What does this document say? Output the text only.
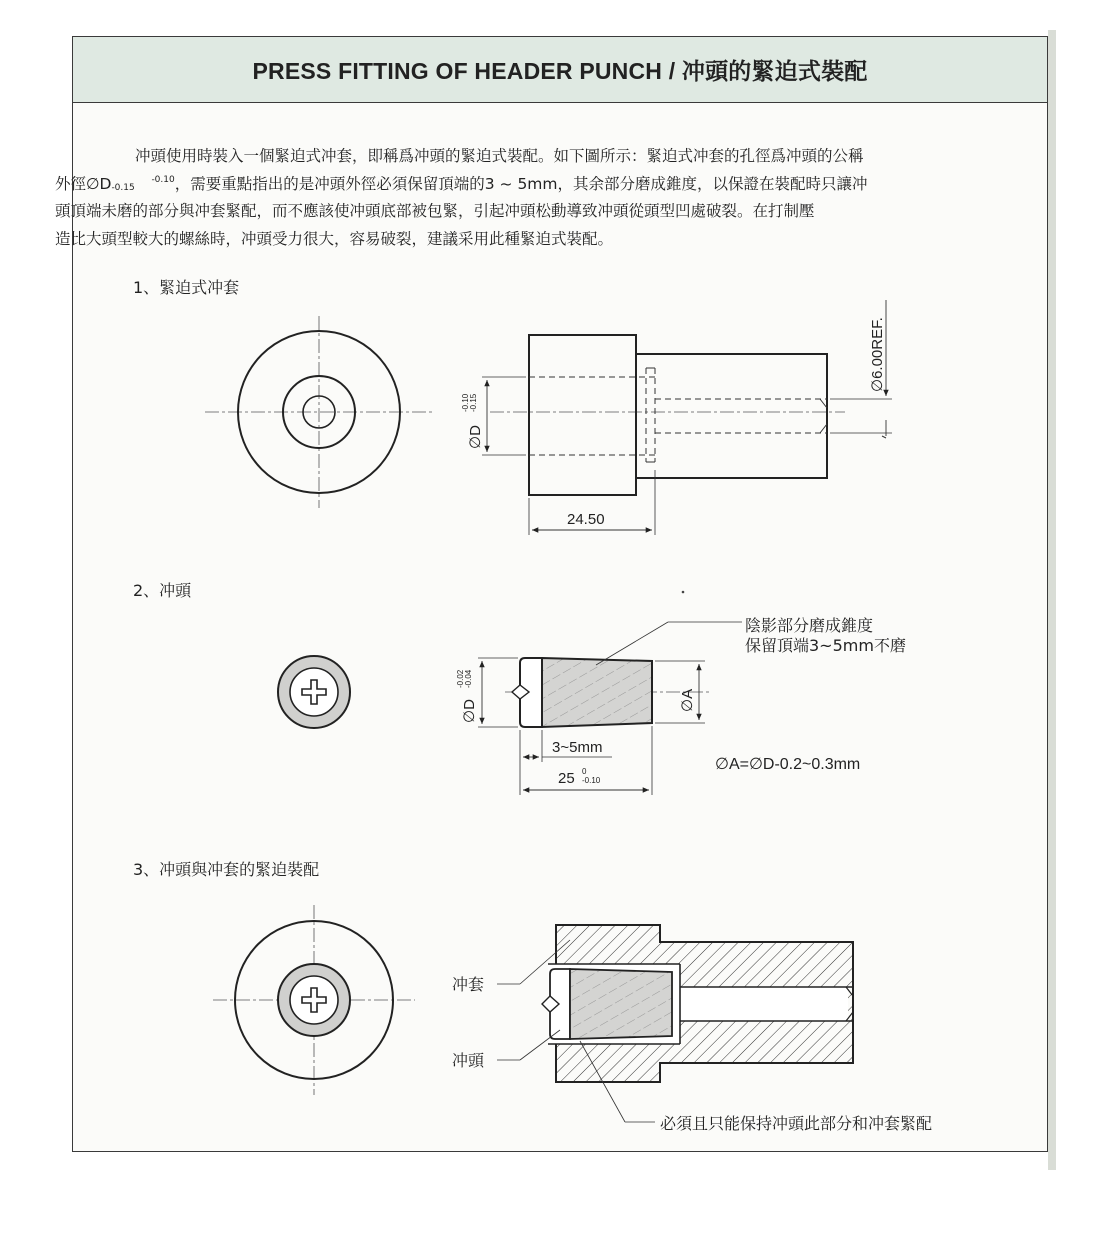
PRESS FITTING OF HEADER PUNCH / 冲頭的緊迫式裝配
冲頭使用時裝入一個緊迫式冲套，即稱爲冲頭的緊迫式裝配。如下圖所示：緊迫式冲套的孔徑爲冲頭的公稱
外徑∅D	-0.10
-0.15	，需要重點指出的是冲頭外徑必須保留頂端的3 ~ 5mm，其余部分磨成錐度，以保證在裝配時只讓冲
頭頂端未磨的部分與冲套緊配，而不應該使冲頭底部被包緊，引起冲頭松動導致冲頭從頭型凹處破裂。在打制壓
造比大頭型較大的螺絲時，冲頭受力很大，容易破裂，建議采用此種緊迫式裝配。
1、緊迫式冲套
2、冲頭
3、冲頭與冲套的緊迫裝配
∅D
-0.10 -0.15
∅6.00REF.
24.50
∅D
-0.02 -0.04
∅A
3~5mm
25 0
-0.10
陰影部分磨成錐度
保留頂端3~5mm不磨
∅A=∅D-0.2~0.3mm
冲套
冲頭
必須且只能保持冲頭此部分和冲套緊配
